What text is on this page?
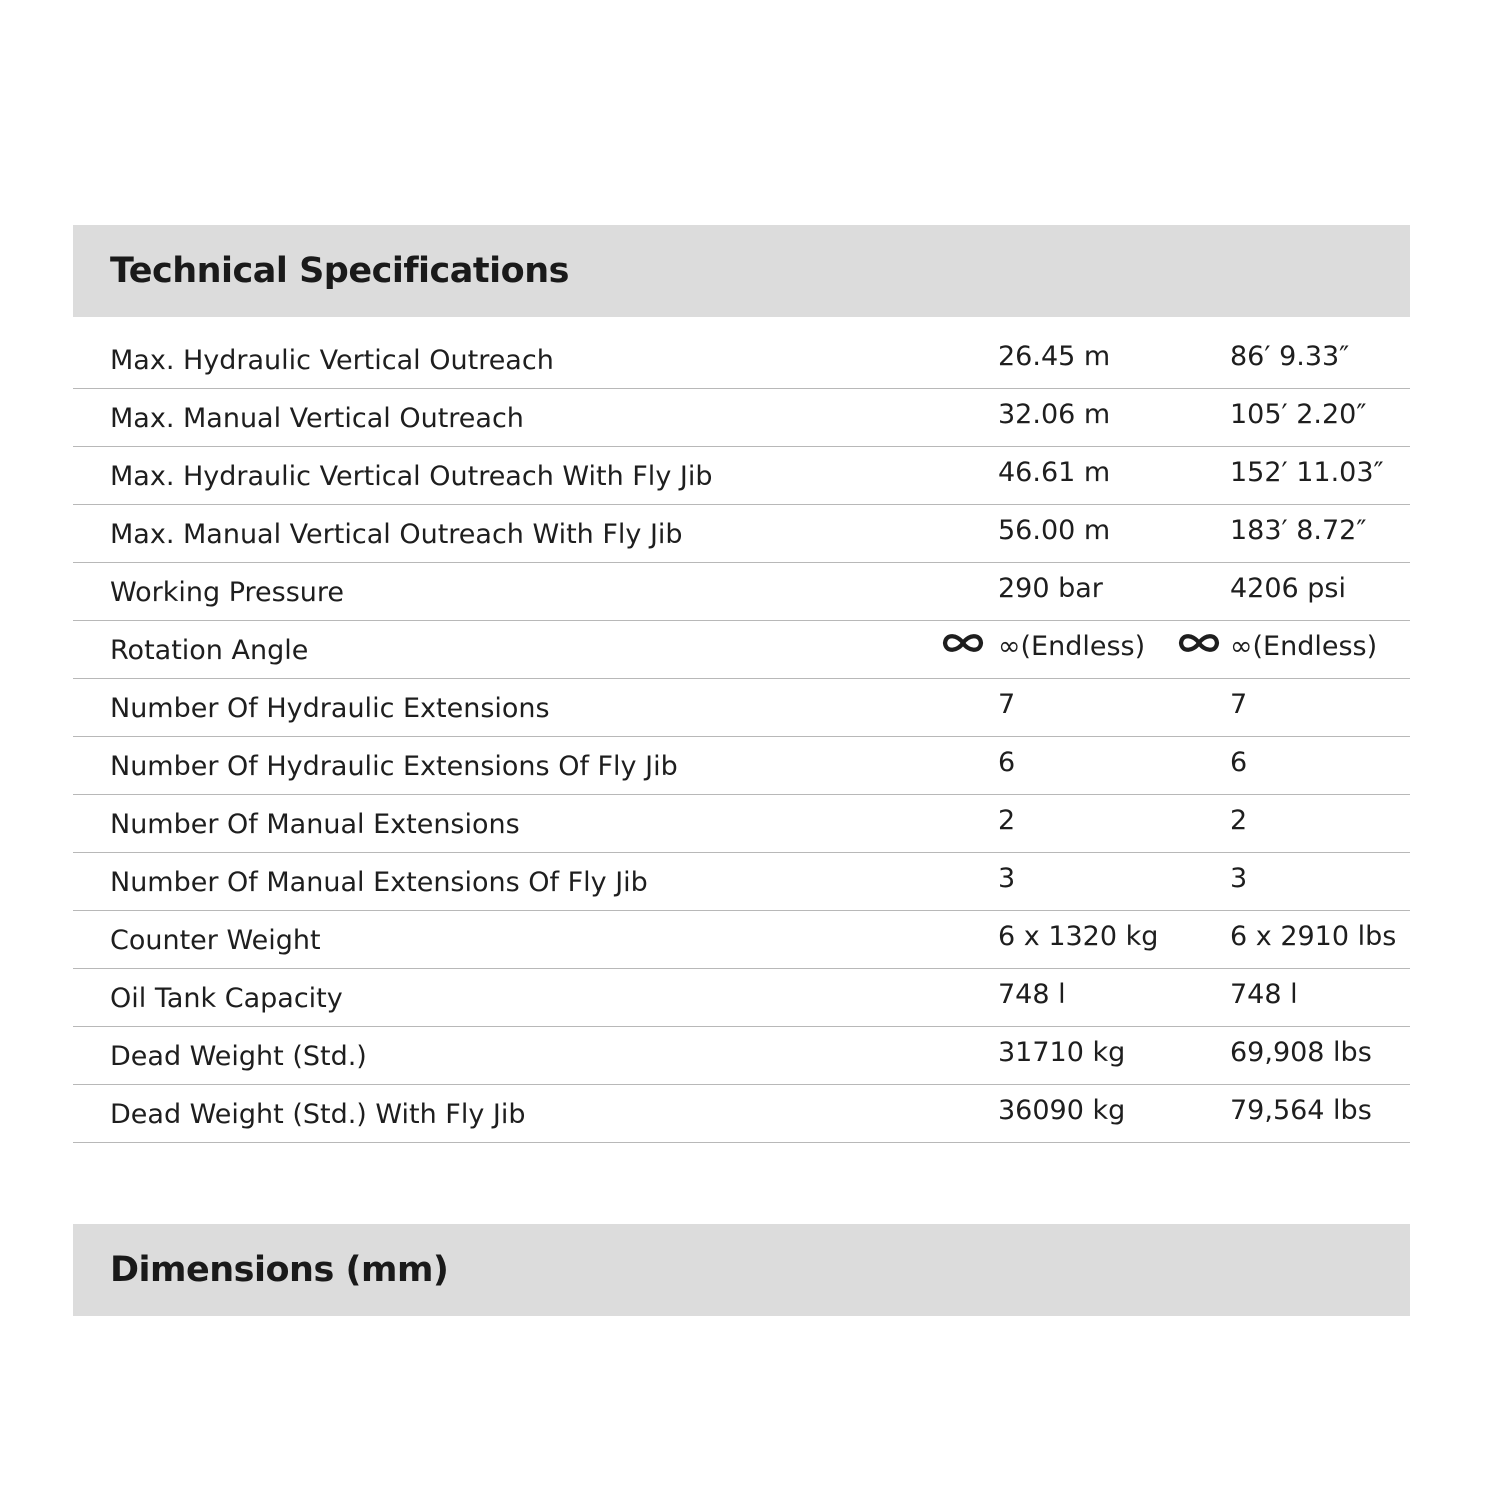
Technical Specifications
Max. Hydraulic Vertical Outreach	26.45 m	86′ 9.33″
Max. Manual Vertical Outreach	32.06 m	105′ 2.20″
Max. Hydraulic Vertical Outreach With Fly Jib	46.61 m	152′ 11.03″
Max. Manual Vertical Outreach With Fly Jib	56.00 m	183′ 8.72″
Working Pressure	290 bar	4206 psi
Rotation Angle	∞(Endless)	∞(Endless)
Number Of Hydraulic Extensions	7	7
Number Of Hydraulic Extensions Of Fly Jib	6	6
Number Of Manual Extensions	2	2
Number Of Manual Extensions Of Fly Jib	3	3
Counter Weight	6 x 1320 kg	6 x 2910 lbs
Oil Tank Capacity	748 l	748 l
Dead Weight (Std.)	31710 kg	69,908 lbs
Dead Weight (Std.) With Fly Jib	36090 kg	79,564 lbs
Dimensions (mm)
